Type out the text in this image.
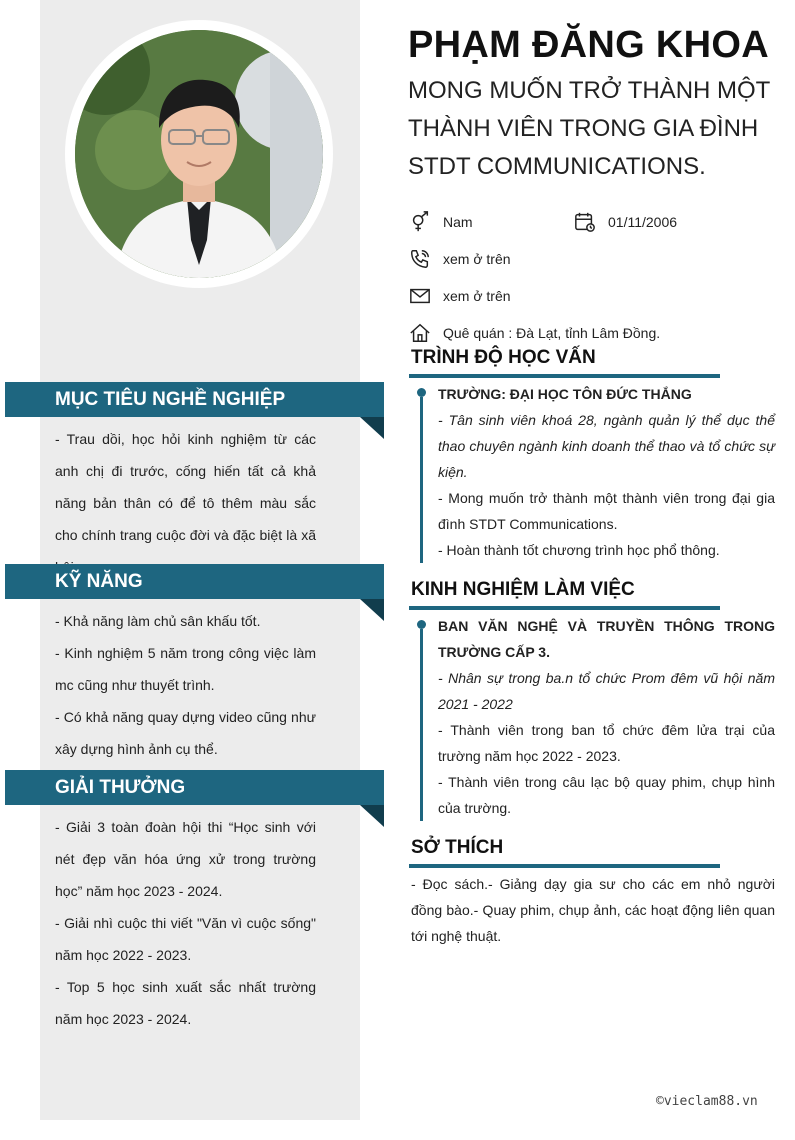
MỤC TIÊU NGHỀ NGHIỆP

- Trau dồi, học hỏi kinh nghiệm từ các anh chị đi trước, cống hiến tất cả khả năng bản thân có để tô thêm màu sắc cho chính trang cuộc đời và đặc biệt là xã

KỸ NĂNG

- Khả năng làm chủ sân khấu tốt.

- Kinh nghiệm 5 năm trong công việc làm mc cũng như thuyết trình.

- Có khả năng quay dựng video cũng như xây dựng hình ảnh cụ thể.

GIẢI THƯỞNG

- Giải 3 toàn đoàn hội thi “Học sinh với nét đẹp văn hóa ứng xử trong trường học” năm học 2023 - 2024.

- Giải nhì cuộc thi viết "Văn vì cuộc sống" năm học 2022 - 2023.

- Top 5 học sinh xuất sắc nhất trường năm học 2023 - 2024.

PHẠM ĐĂNG KHOA
MONG MUỐN TRỞ THÀNH MỘT THÀNH VIÊN TRONG GIA ĐÌNH STDT COMMUNICATIONS.
Nam	01/11/2006
xem ở trên
xem ở trên
Quê quán : Đà Lạt, tỉnh Lâm Đồng.
TRÌNH ĐỘ HỌC VẤN

TRƯỜNG: ĐẠI HỌC TÔN ĐỨC THẮNG

- Tân sinh viên khoá 28, ngành quản lý thể dục thể thao chuyên ngành kinh doanh thể thao và tổ chức sự kiện.

- Mong muốn trở thành một thành viên trong đại gia đình STDT Communications.

- Hoàn thành tốt chương trình học phổ thông.

KINH NGHIỆM LÀM VIỆC

BAN VĂN NGHỆ VÀ TRUYỀN THÔNG TRONG TRƯỜNG CẤP 3.

- Nhân sự trong ba.n tổ chức Prom đêm vũ hội năm 2021 - 2022

- Thành viên trong ban tổ chức đêm lửa trại của trường năm học 2022 - 2023.

- Thành viên trong câu lạc bộ quay phim, chụp hình của trường.

SỞ THÍCH
- Đọc sách.- Giảng dạy gia sư cho các em nhỏ người đồng bào.- Quay phim, chụp ảnh, các hoạt động liên quan tới nghệ thuật.
©vieclam88.vn
